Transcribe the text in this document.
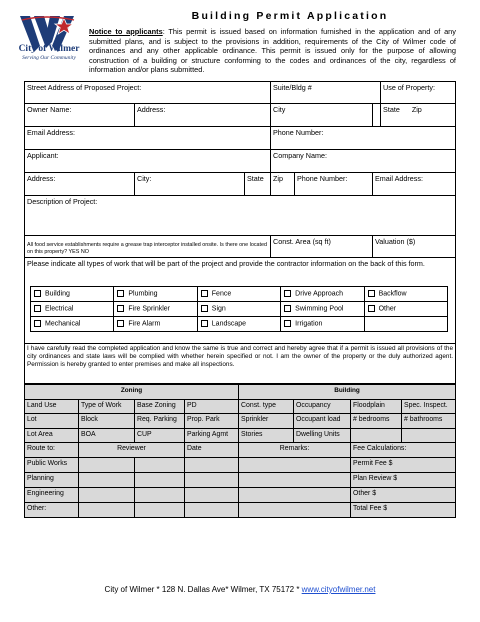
City of Wilmer
Serving Our Community
Building Permit Application
Notice to applicants: This permit is issued based on information furnished in the application and of any submitted plans, and is subject to the provisions in addition, requirements of the City of Wilmer code of ordinances and any other applicable ordinance. This permit is issued only for the purpose of allowing construction of a building or structure conforming to the codes and ordinances of the city, regardless of information and/or plans submitted.
Street Address of Proposed Project:			Suite/Bldg #			Use of Property:
Owner Name:	Address:		City			State Zip
Email Address:			Phone Number:			
Applicant:			Company Name:			
Address:	City:	State	Zip	Phone Number:	Email Address:	
Description of Project:						
All food service establishments require a grease trap interceptor installed onsite. Is there one located on this property? YES NO			Const. Area (sq ft)		Valuation ($)	
Please indicate all types of work that will be part of the project and provide the contractor information on the back of this form.						
I have carefully read the completed application and know the same is true and correct and hereby agree that if a permit is issued all provisions of the city ordinances and state laws will be complied with whether herein specified or not. I am the owner of the property or the duly authorized agent. Permission is hereby granted to enter premises and make all inspections.						

Building	Plumbing	Fence	Drive Approach	Backflow
Electrical	Fire Sprinkler	Sign	Swimming Pool	Other
Mechanical	Fire Alarm	Landscape	Irrigation	
Zoning				Building			
Land Use	Type of Work	Base Zoning	PD	Const. type	Occupancy	Floodplain	Spec. Inspect.
Lot	Block	Req. Parking	Prop. Park	Sprinkler	Occupant load	# bedrooms	# bathrooms
Lot Area	BOA	CUP	Parking Agmt	Stories	Dwelling Units		
Route to:	Reviewer		Date	Remarks:		Fee Calculations:	
Public Works						Permit Fee $	
Planning						Plan Review $	
Engineering						Other $	
Other:						Total Fee $	
City of Wilmer * 128 N. Dallas Ave* Wilmer, TX 75172 * www.cityofwilmer.net
